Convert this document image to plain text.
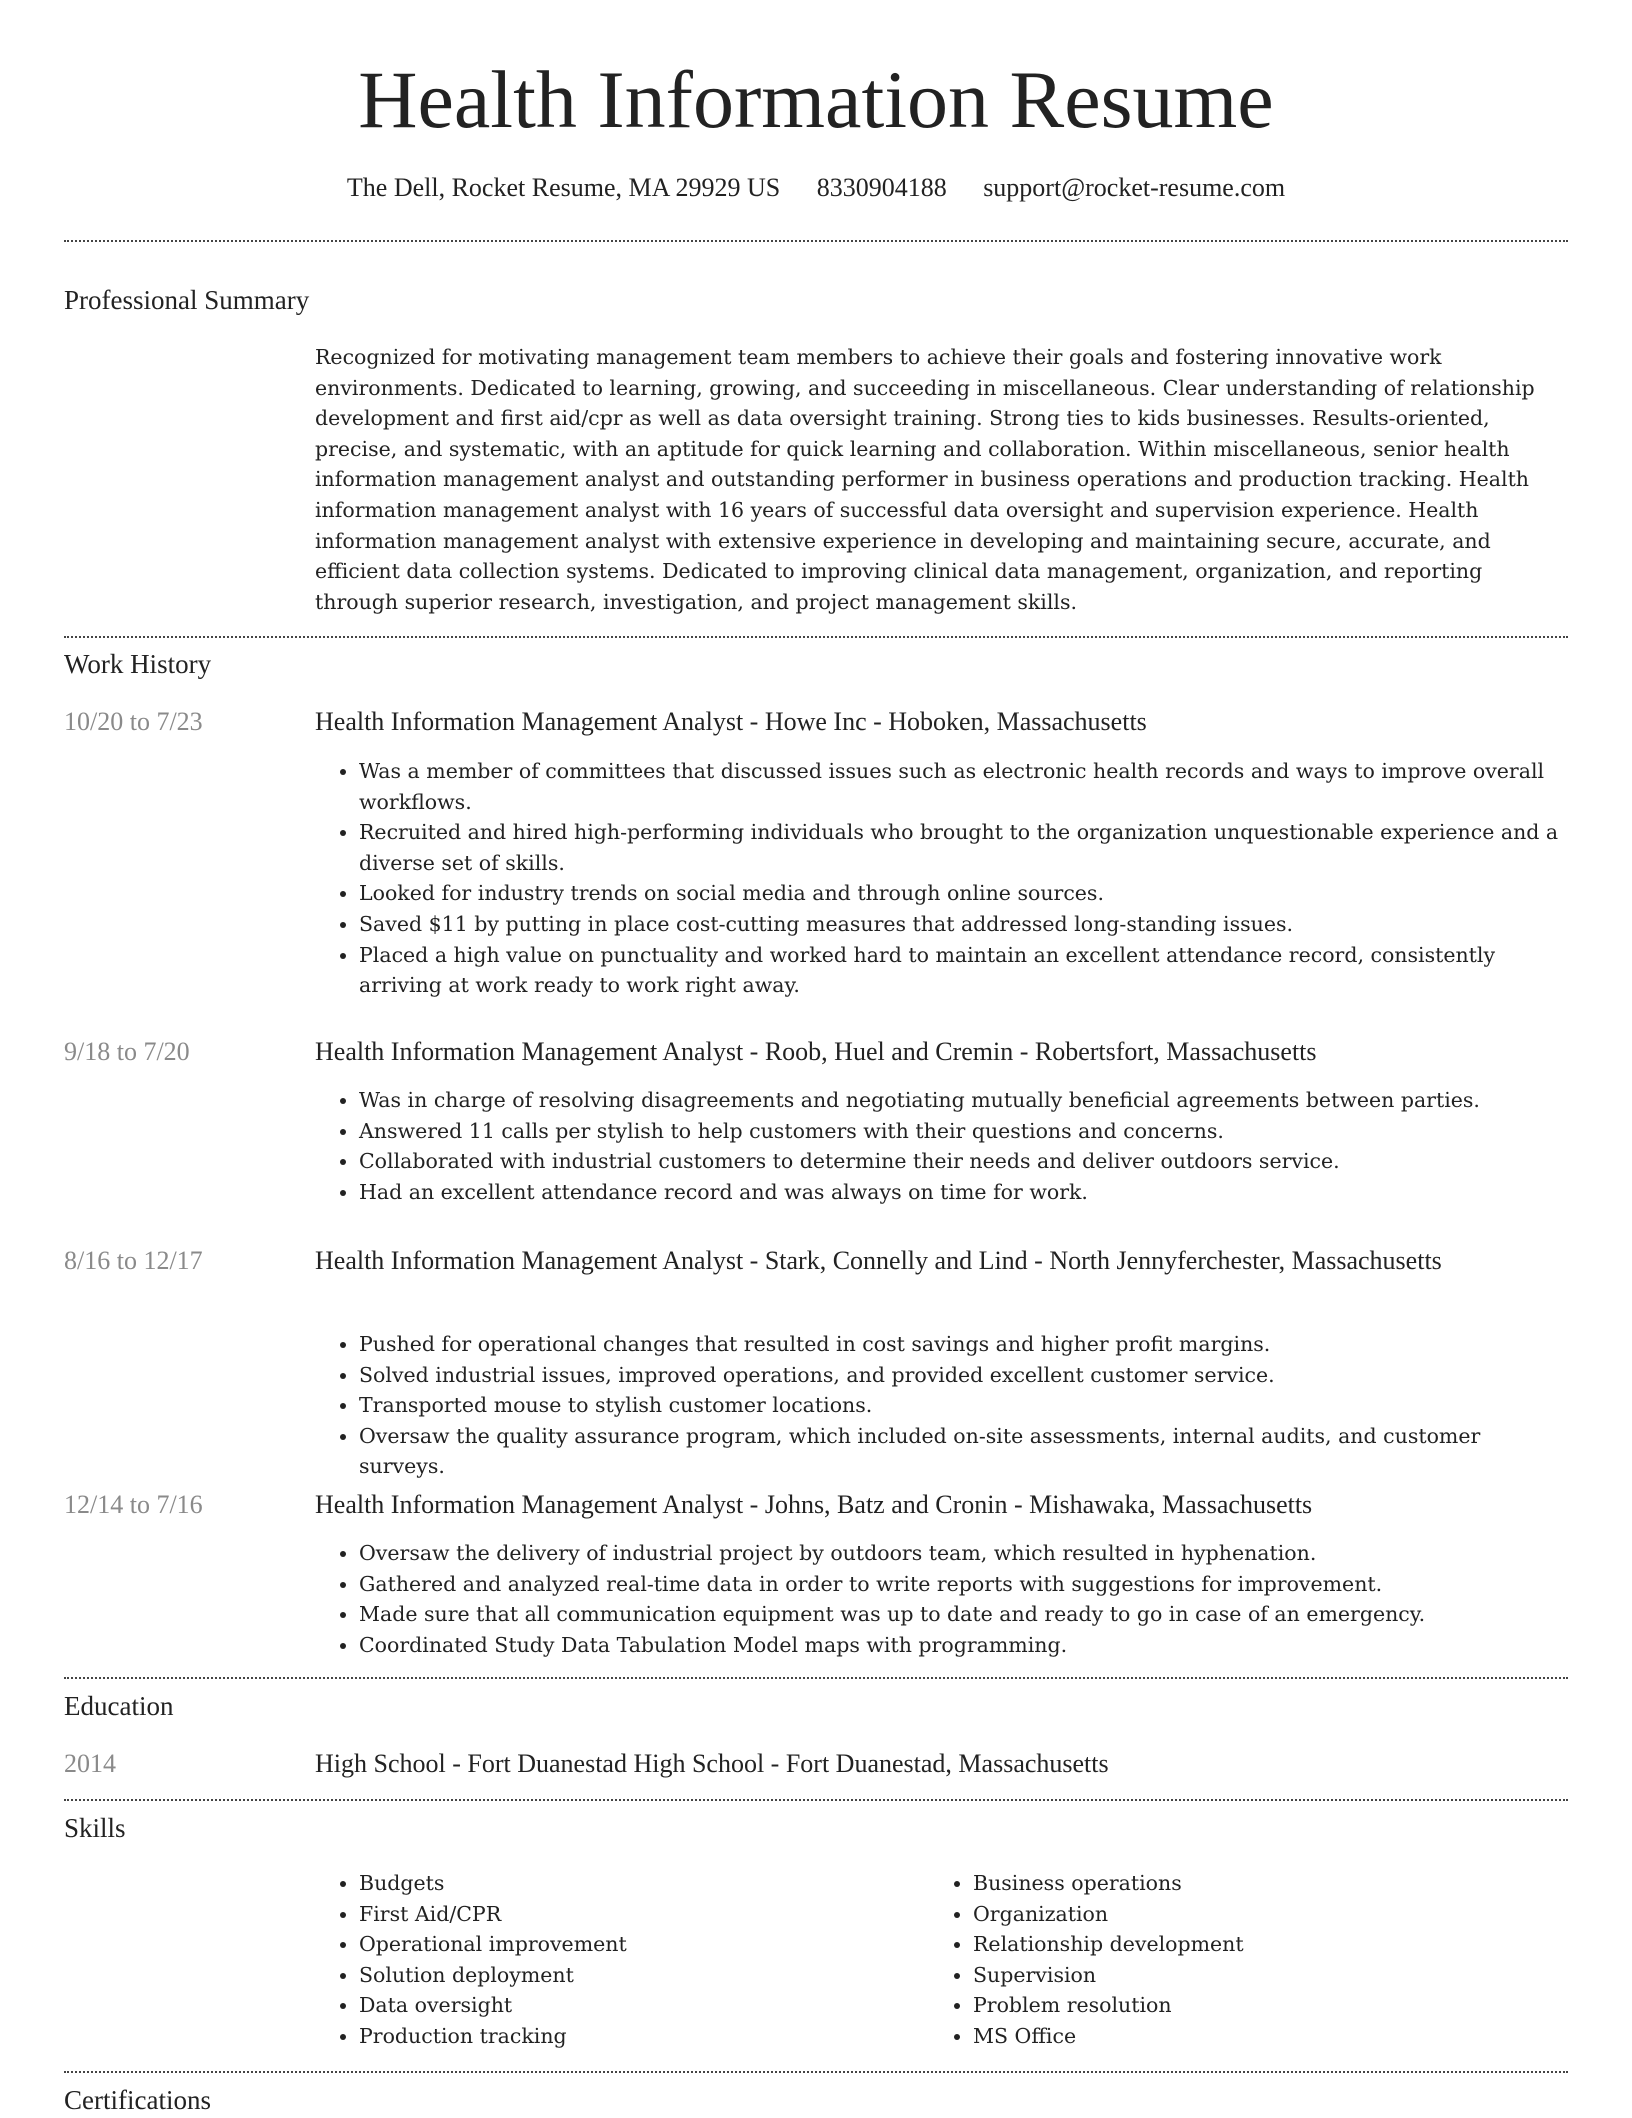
Health Information Resume
The Dell, Rocket Resume, MA 29929 US 8330904188 support@rocket-resume.com
Professional Summary
Recognized for motivating management team members to achieve their goals and fostering innovative work environments. Dedicated to learning, growing, and succeeding in miscellaneous. Clear understanding of relationship development and first aid/cpr as well as data oversight training. Strong ties to kids businesses. Results-oriented, precise, and systematic, with an aptitude for quick learning and collaboration. Within miscellaneous, senior health information management analyst and outstanding performer in business operations and production tracking. Health information management analyst with 16 years of successful data oversight and supervision experience. Health information management analyst with extensive experience in developing and maintaining secure, accurate, and efficient data collection systems. Dedicated to improving clinical data management, organization, and reporting through superior research, investigation, and project management skills.
Work History
10/20 to 7/23	Health Information Management Analyst - Howe Inc - Hoboken, Massachusetts
• Was a member of committees that discussed issues such as electronic health records and ways to improve overall workflows.
• Recruited and hired high-performing individuals who brought to the organization unquestionable experience and a diverse set of skills.
• Looked for industry trends on social media and through online sources.
• Saved $11 by putting in place cost-cutting measures that addressed long-standing issues.
• Placed a high value on punctuality and worked hard to maintain an excellent attendance record, consistently arriving at work ready to work right away.
9/18 to 7/20	Health Information Management Analyst - Roob, Huel and Cremin - Robertsfort, Massachusetts
• Was in charge of resolving disagreements and negotiating mutually beneficial agreements between parties.
• Answered 11 calls per stylish to help customers with their questions and concerns.
• Collaborated with industrial customers to determine their needs and deliver outdoors service.
• Had an excellent attendance record and was always on time for work.
8/16 to 12/17	Health Information Management Analyst - Stark, Connelly and Lind - North Jennyferchester, Massachusetts
• Pushed for operational changes that resulted in cost savings and higher profit margins.
• Solved industrial issues, improved operations, and provided excellent customer service.
• Transported mouse to stylish customer locations.
• Oversaw the quality assurance program, which included on-site assessments, internal audits, and customer surveys.
12/14 to 7/16	Health Information Management Analyst - Johns, Batz and Cronin - Mishawaka, Massachusetts
• Oversaw the delivery of industrial project by outdoors team, which resulted in hyphenation.
• Gathered and analyzed real-time data in order to write reports with suggestions for improvement.
• Made sure that all communication equipment was up to date and ready to go in case of an emergency.
• Coordinated Study Data Tabulation Model maps with programming.
Education
2014	High School - Fort Duanestad High School - Fort Duanestad, Massachusetts
Skills
• Budgets
• First Aid/CPR
• Operational improvement
• Solution deployment
• Data oversight
• Production tracking
• Business operations
• Organization
• Relationship development
• Supervision
• Problem resolution
• MS Office
Certifications
